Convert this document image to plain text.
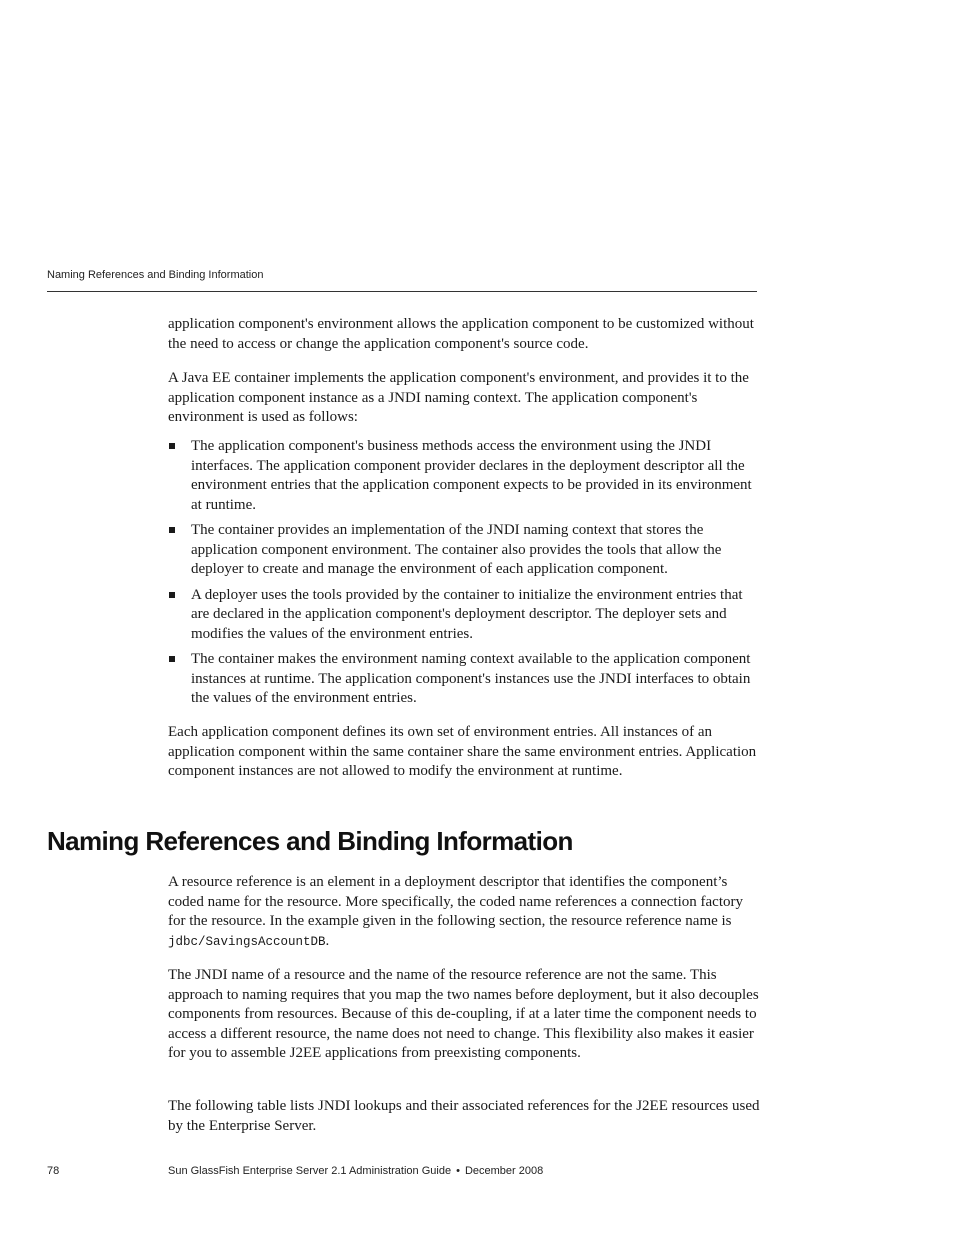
Naming References and Binding Information

application component's environment allows the application component to be customized without the need to access or change the application component's source code.

A Java EE container implements the application component's environment, and provides it to the application component instance as a JNDI naming context. The application component's environment is used as follows:

The application component's business methods access the environment using the JNDI interfaces. The application component provider declares in the deployment descriptor all the environment entries that the application component expects to be provided in its environment at runtime.
The container provides an implementation of the JNDI naming context that stores the application component environment. The container also provides the tools that allow the deployer to create and manage the environment of each application component.
A deployer uses the tools provided by the container to initialize the environment entries that are declared in the application component's deployment descriptor. The deployer sets and modifies the values of the environment entries.
The container makes the environment naming context available to the application component instances at runtime. The application component's instances use the JNDI interfaces to obtain the values of the environment entries.

Each application component defines its own set of environment entries. All instances of an application component within the same container share the same environment entries. Application component instances are not allowed to modify the environment at runtime.

Naming References and Binding Information

A resource reference is an element in a deployment descriptor that identifies the component’s coded name for the resource. More specifically, the coded name references a connection factory for the resource. In the example given in the following section, the resource reference name is jdbc/SavingsAccountDB.

The JNDI name of a resource and the name of the resource reference are not the same. This approach to naming requires that you map the two names before deployment, but it also decouples components from resources. Because of this de-coupling, if at a later time the component needs to access a different resource, the name does not need to change. This flexibility also makes it easier for you to assemble J2EE applications from preexisting components.

The following table lists JNDI lookups and their associated references for the J2EE resources used by the Enterprise Server.

78	Sun GlassFish Enterprise Server 2.1 Administration Guide • December 2008
